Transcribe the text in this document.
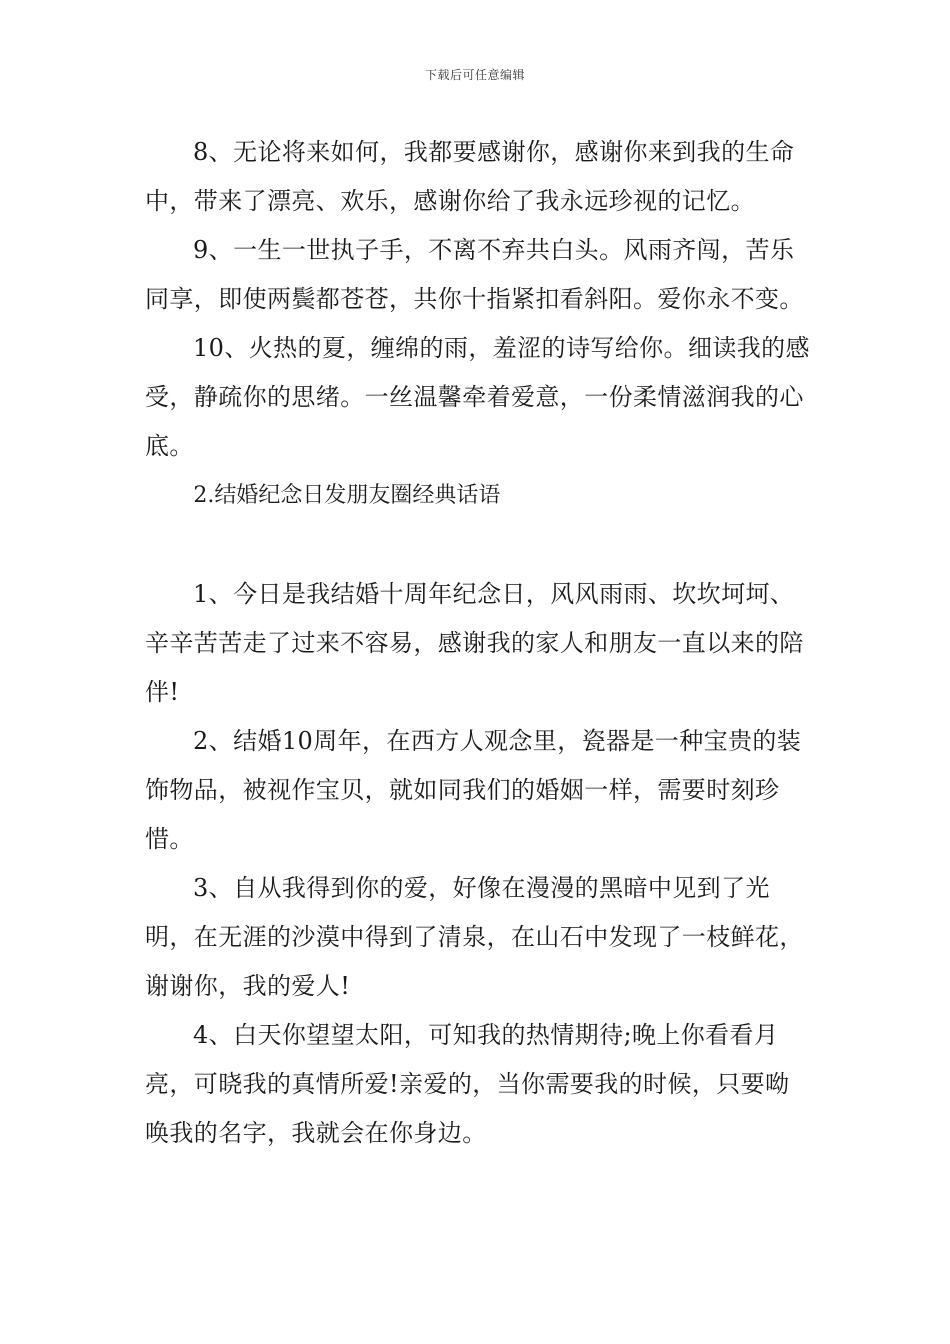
下载后可任意编辑

8、无论将来如何，我都要感谢你，感谢你来到我的生命中，带来了漂亮、欢乐，感谢你给了我永远珍视的记忆。

9、一生一世执子手，不离不弃共白头。风雨齐闯，苦乐同享，即使两鬓都苍苍，共你十指紧扣看斜阳。爱你永不变。

10、火热的夏，缠绵的雨，羞涩的诗写给你。细读我的感受，静疏你的思绪。一丝温馨牵着爱意，一份柔情滋润我的心底。

2.结婚纪念日发朋友圈经典话语

1、今日是我结婚十周年纪念日，风风雨雨、坎坎坷坷、辛辛苦苦走了过来不容易，感谢我的家人和朋友一直以来的陪伴!

2、结婚10周年，在西方人观念里，瓷器是一种宝贵的装饰物品，被视作宝贝，就如同我们的婚姻一样，需要时刻珍惜。

3、自从我得到你的爱，好像在漫漫的黑暗中见到了光明，在无涯的沙漠中得到了清泉，在山石中发现了一枝鲜花，谢谢你，我的爱人!

4、白天你望望太阳，可知我的热情期待;晚上你看看月亮，可晓我的真情所爱!亲爱的，当你需要我的时候，只要呦唤我的名字，我就会在你身边。
